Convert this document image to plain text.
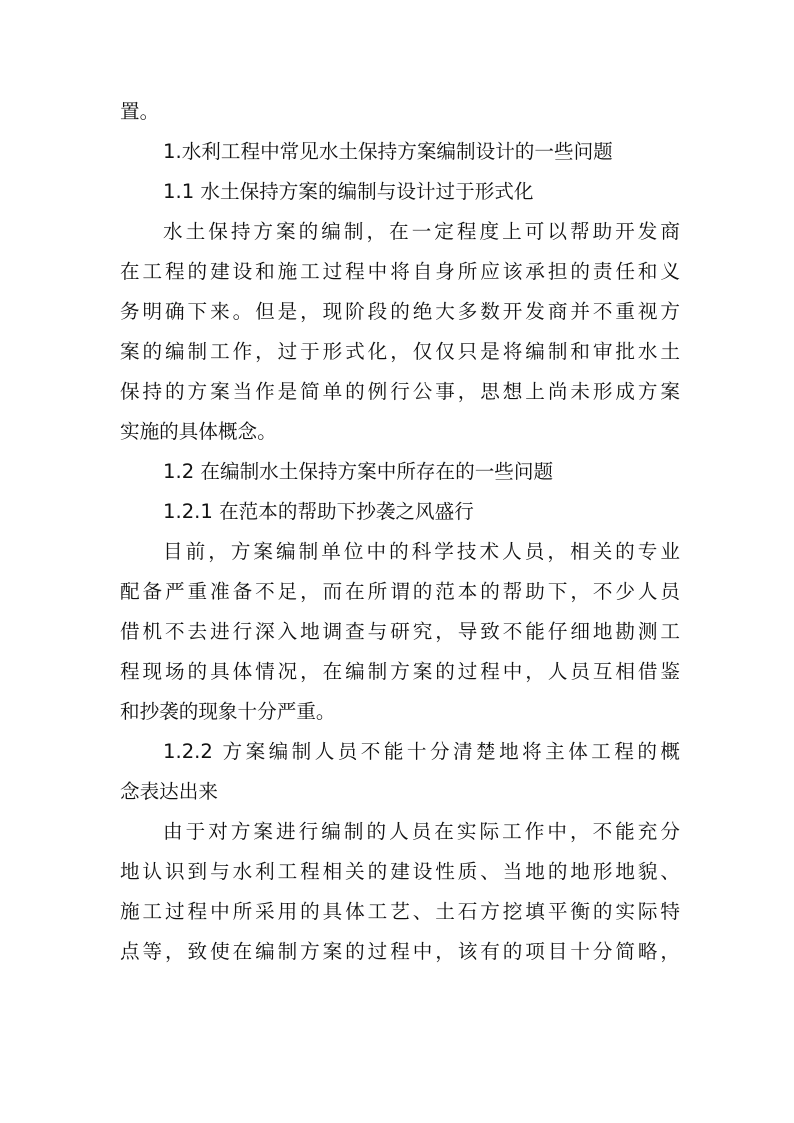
置。
1.水利工程中常见水土保持方案编制设计的一些问题
1.1 水土保持方案的编制与设计过于形式化
水土保持方案的编制，在一定程度上可以帮助开发商
在工程的建设和施工过程中将自身所应该承担的责任和义
务明确下来。但是，现阶段的绝大多数开发商并不重视方
案的编制工作，过于形式化，仅仅只是将编制和审批水土
保持的方案当作是简单的例行公事，思想上尚未形成方案
实施的具体概念。
1.2 在编制水土保持方案中所存在的一些问题
1.2.1 在范本的帮助下抄袭之风盛行
目前，方案编制单位中的科学技术人员，相关的专业
配备严重准备不足，而在所谓的范本的帮助下，不少人员
借机不去进行深入地调查与研究，导致不能仔细地勘测工
程现场的具体情况，在编制方案的过程中，人员互相借鉴
和抄袭的现象十分严重。
1.2.2 方案编制人员不能十分清楚地将主体工程的概
念表达出来
由于对方案进行编制的人员在实际工作中，不能充分
地认识到与水利工程相关的建设性质、当地的地形地貌、
施工过程中所采用的具体工艺、土石方挖填平衡的实际特
点等，致使在编制方案的过程中，该有的项目十分简略，
